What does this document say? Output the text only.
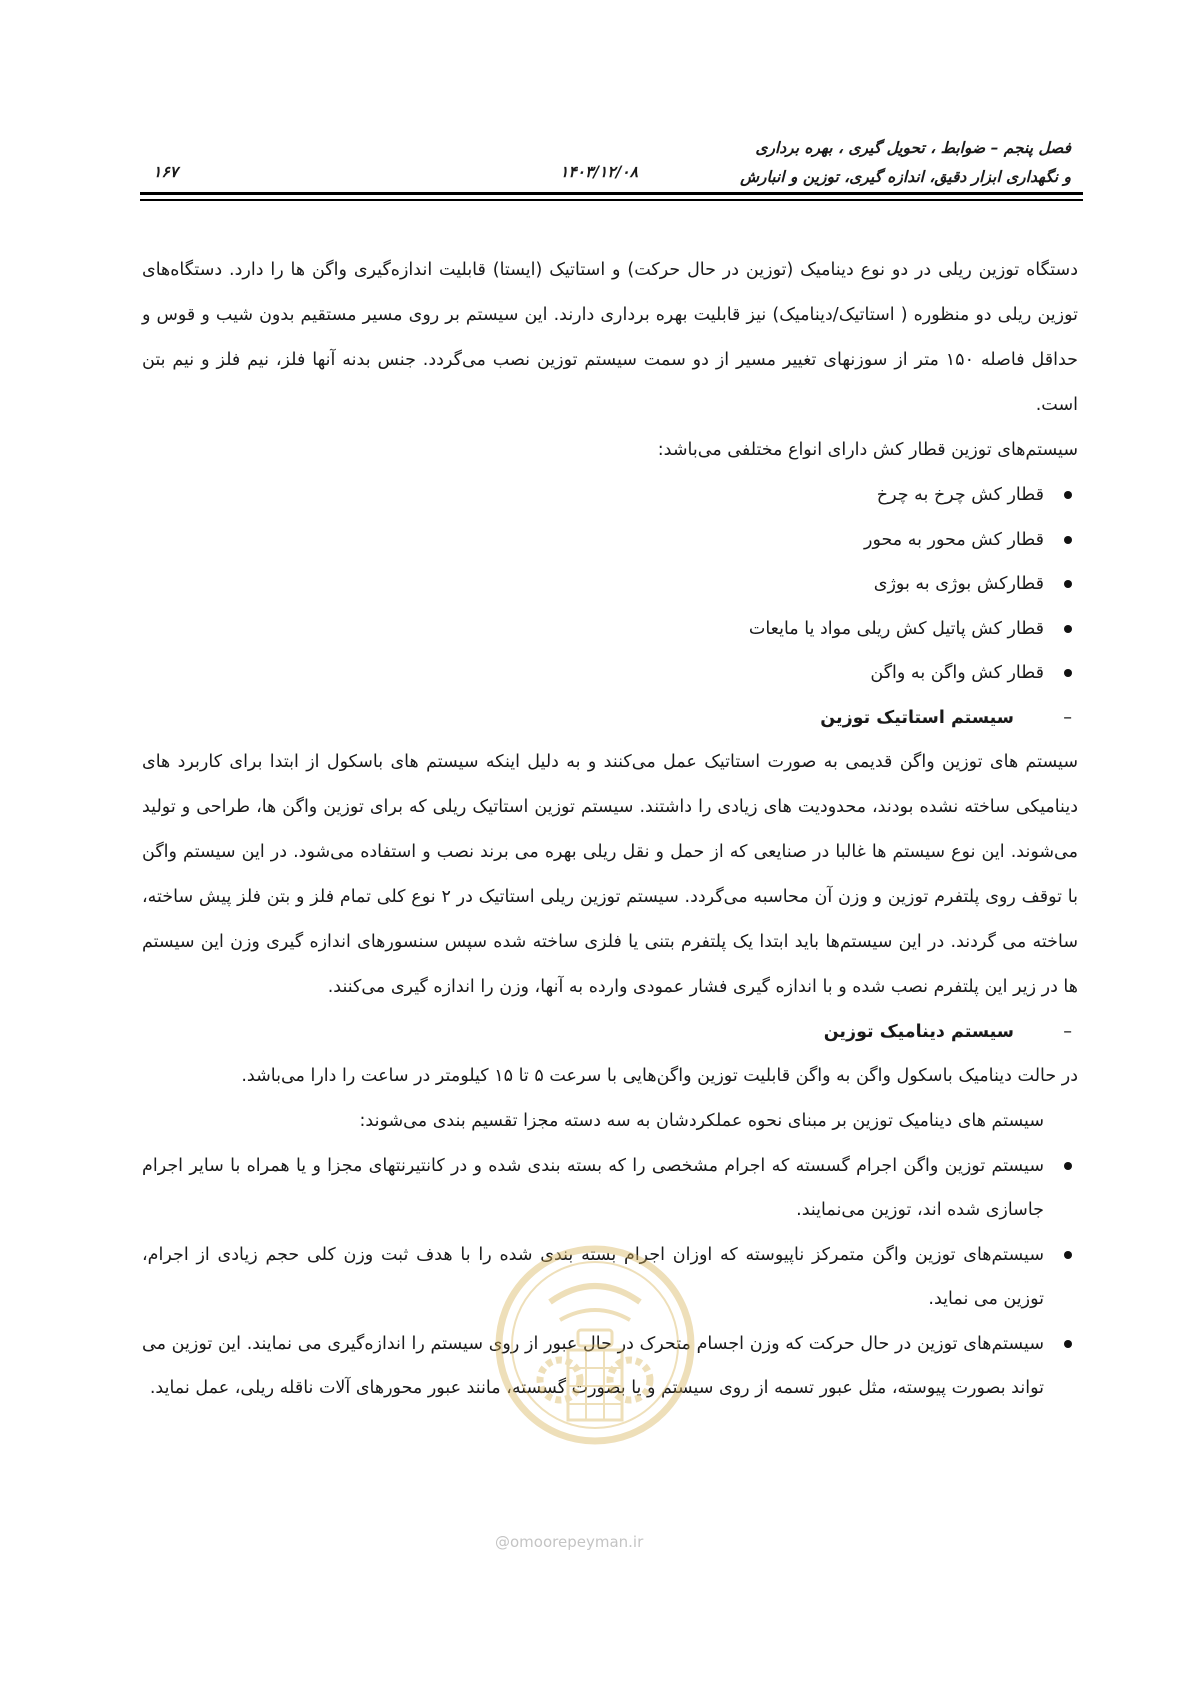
فصل پنجم – ضوابط ، تحویل گیری ، بهره برداری
و نگهداری ابزار دقیق، اندازه گیری، توزین و انبارش
۱۴۰۳/۱۲/۰۸
۱۶۷

دستگاه توزین ریلی در دو نوع دینامیک (توزین در حال حرکت) و استاتیک (ایستا) قابلیت اندازه‌گیری واگن ها را دارد. دستگاه‌های توزین ریلی دو منظوره ( استاتیک/دینامیک) نیز قابلیت بهره برداری دارند. این سیستم بر روی مسیر مستقیم بدون شیب و قوس و حداقل فاصله ۱۵۰ متر از سوزنهای تغییر مسیر از دو سمت سیستم توزین نصب می‌گردد. جنس بدنه آنها فلز، نیم فلز و نیم بتن است.

سیستم‌های توزین قطار کش دارای انواع مختلفی می‌باشد:

قطار کش چرخ به چرخ
قطار کش محور به محور
قطارکش بوژی به بوژی
قطار کش پاتیل کش ریلی مواد یا مایعات
قطار کش واگن به واگن
–
سیستم استاتیک توزین

سیستم های توزین واگن قدیمی به صورت استاتیک عمل می‌کنند و به دلیل اینکه سیستم های باسکول از ابتدا برای کاربرد های دینامیکی ساخته نشده بودند، محدودیت های زیادی را داشتند. سیستم توزین استاتیک ریلی که برای توزین واگن ها، طراحی و تولید می‌شوند. این نوع سیستم ها غالبا در صنایعی که از حمل و نقل ریلی بهره می برند نصب و استفاده می‌شود. در این سیستم واگن با توقف روی پلتفرم توزین و وزن آن محاسبه می‌گردد. سیستم توزین ریلی استاتیک در ۲ نوع کلی تمام فلز و بتن فلز پیش ساخته، ساخته می گردند. در این سیستم‌ها باید ابتدا یک پلتفرم بتنی یا فلزی ساخته شده سپس سنسورهای اندازه گیری وزن این سیستم ها در زیر این پلتفرم نصب شده و با اندازه گیری فشار عمودی وارده به آنها، وزن را اندازه گیری می‌کنند.

–
سیستم دینامیک توزین

در حالت دینامیک باسکول واگن به واگن قابلیت توزین واگن‌هایی با سرعت ۵ تا ۱۵ کیلومتر در ساعت را دارا می‌باشد.

سیستم های دینامیک توزین بر مبنای نحوه عملکردشان به سه دسته مجزا تقسیم بندی می‌شوند:

سیستم توزین واگن اجرام گسسته که اجرام مشخصی را که بسته بندی شده و در کانتیرنتهای مجزا و یا همراه با سایر اجرام جاسازی شده اند، توزین می‌نمایند.
سیستم‌های توزین واگن متمرکز ناپیوسته که اوزان اجرام بسته بندی شده را با هدف ثبت وزن کلی حجم زیادی از اجرام، توزین می نماید.
سیستم‌های توزین در حال حرکت که وزن اجسام متحرک در حال عبور از روی سیستم را اندازه‌گیری می نمایند. این توزین می تواند بصورت پیوسته، مثل عبور تسمه از روی سیستم و یا بصورت گسسته، مانند عبور محورهای آلات ناقله ریلی، عمل نماید.
@omoorepeyman.ir
